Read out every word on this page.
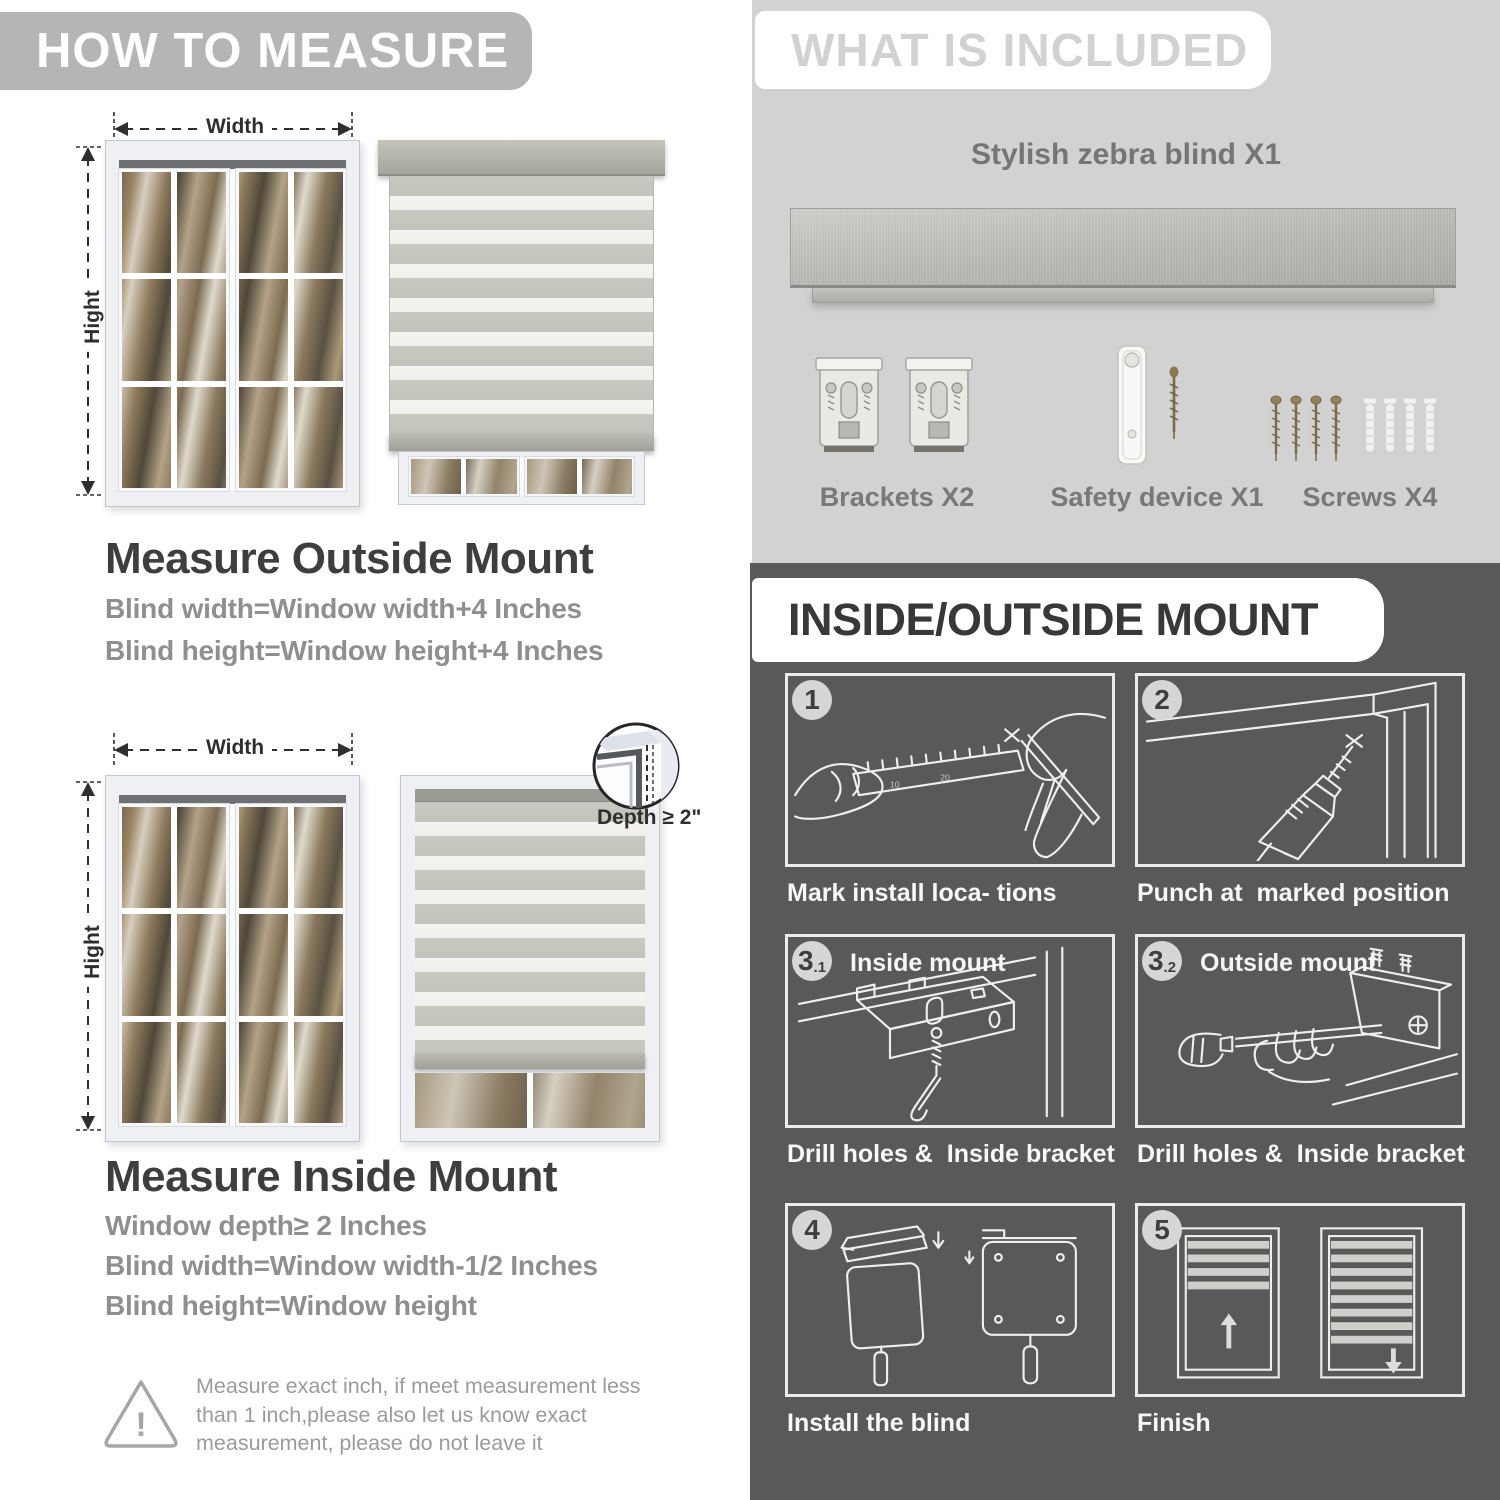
HOW TO MEASURE
Width
Hight
Measure Outside Mount
Blind width=Window width+4 Inches
Blind height=Window height+4 Inches
Width
Hight
Depth ≥ 2"
Measure Inside Mount
Window depth≥ 2 Inches
Blind width=Window width-1/2 Inches
Blind height=Window height
!
Measure exact inch, if meet measurement less
than 1 inch,please also let us know exact
measurement, please do not leave it
WHAT IS INCLUDED
Stylish zebra blind X1
Brackets X2	Safety device X1	Screws X4
INSIDE/OUTSIDE MOUNT
10
20
1
Mark install loca- tions
2
Punch at  marked position
3 .1 Inside mount
Drill holes &  Inside bracket
3 .2 Outside mount
Drill holes &  Inside bracket
4
Install the blind
5
Finish
